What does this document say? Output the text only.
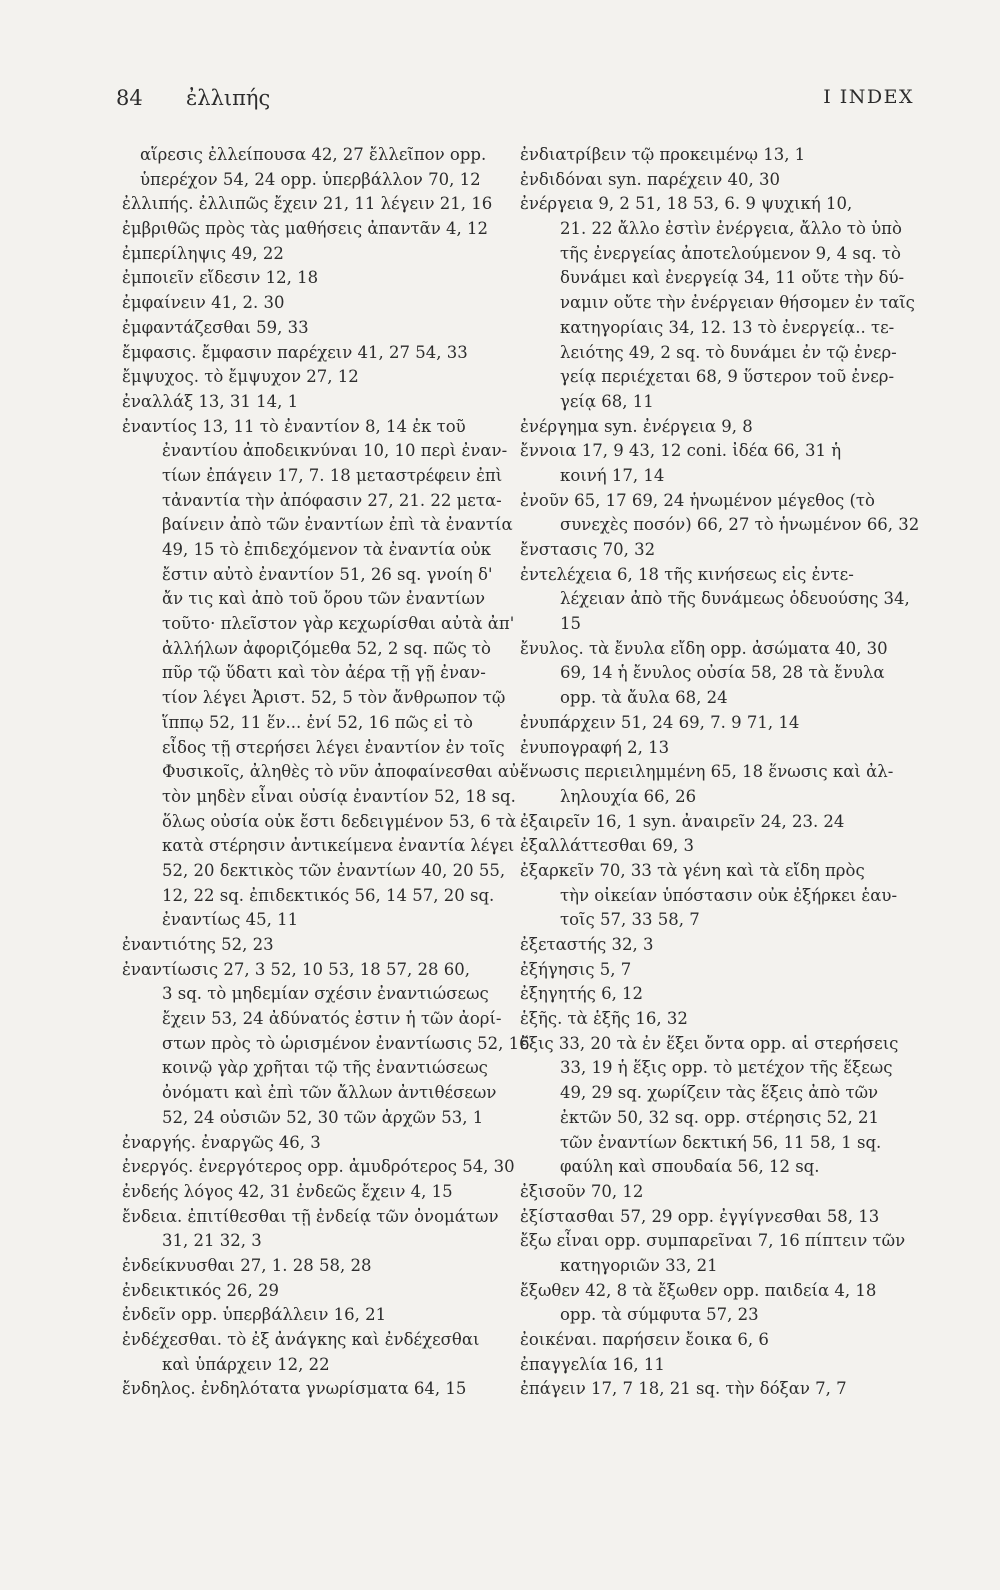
84 ἐλλιπής	I INDEX
αἵρεσις ἐλλείπουσα 42, 27 ἔλλεῖπον opp.
ὑπερέχον 54, 24 opp. ὑπερβάλλον 70, 12
ἐλλιπής. ἐλλιπῶς ἔχειν 21, 11 λέγειν 21, 16
ἐμβριθῶς πρὸς τὰς μαθήσεις ἀπαντᾶν 4, 12
ἐμπερίληψις 49, 22
ἐμποιεῖν εἴδεσιν 12, 18
ἐμφαίνειν 41, 2. 30
ἐμφαντάζεσθαι 59, 33
ἔμφασις. ἔμφασιν παρέχειν 41, 27 54, 33
ἔμψυχος. τὸ ἔμψυχον 27, 12
ἐναλλάξ 13, 31 14, 1
ἐναντίος 13, 11 τὸ ἐναντίον 8, 14 ἐκ τοῦ
ἐναντίου ἀποδεικνύναι 10, 10 περὶ ἐναν-
τίων ἐπάγειν 17, 7. 18 μεταστρέφειν ἐπὶ
τἀναντία τὴν ἀπόφασιν 27, 21. 22 μετα-
βαίνειν ἀπὸ τῶν ἐναντίων ἐπὶ τὰ ἐναντία
49, 15 τὸ ἐπιδεχόμενον τὰ ἐναντία οὐκ
ἔστιν αὐτὸ ἐναντίον 51, 26 sq. γνοίη δ'
ἄν τις καὶ ἀπὸ τοῦ ὅρου τῶν ἐναντίων
τοῦτο· πλεῖστον γὰρ κεχωρίσθαι αὐτὰ ἀπ'
ἀλλήλων ἀφοριζόμεθα 52, 2 sq. πῶς τὸ
πῦρ τῷ ὕδατι καὶ τὸν ἀέρα τῇ γῇ ἐναν-
τίον λέγει Ἀριστ. 52, 5 τὸν ἄνθρωπον τῷ
ἵππῳ 52, 11 ἕν... ἑνί 52, 16 πῶς εἰ τὸ
εἶδος τῇ στερήσει λέγει ἐναντίον ἐν τοῖς
Φυσικοῖς, ἀληθὲς τὸ νῦν ἀποφαίνεσθαι αὐ-
τὸν μηδὲν εἶναι οὐσίᾳ ἐναντίον 52, 18 sq.
ὅλως οὐσία οὐκ ἔστι δεδειγμένον 53, 6 τὰ
κατὰ στέρησιν ἀντικείμενα ἐναντία λέγει
52, 20 δεκτικὸς τῶν ἐναντίων 40, 20 55,
12, 22 sq. ἐπιδεκτικός 56, 14 57, 20 sq.
ἐναντίως 45, 11
ἐναντιότης 52, 23
ἐναντίωσις 27, 3 52, 10 53, 18 57, 28 60,
3 sq. τὸ μηδεμίαν σχέσιν ἐναντιώσεως
ἔχειν 53, 24 ἀδύνατός ἐστιν ἡ τῶν ἀορί-
στων πρὸς τὸ ὡρισμένον ἐναντίωσις 52, 16
κοινῷ γὰρ χρῆται τῷ τῆς ἐναντιώσεως
ὀνόματι καὶ ἐπὶ τῶν ἄλλων ἀντιθέσεων
52, 24 οὐσιῶν 52, 30 τῶν ἀρχῶν 53, 1
ἐναργής. ἐναργῶς 46, 3
ἐνεργός. ἐνεργότερος opp. ἀμυδρότερος 54, 30
ἐνδεής λόγος 42, 31 ἐνδεῶς ἔχειν 4, 15
ἔνδεια. ἐπιτίθεσθαι τῇ ἐνδείᾳ τῶν ὀνομάτων
31, 21 32, 3
ἐνδείκνυσθαι 27, 1. 28 58, 28
ἐνδεικτικός 26, 29
ἐνδεῖν opp. ὑπερβάλλειν 16, 21
ἐνδέχεσθαι. τὸ ἐξ ἀνάγκης καὶ ἐνδέχεσθαι
καὶ ὑπάρχειν 12, 22
ἔνδηλος. ἐνδηλότατα γνωρίσματα 64, 15
ἐνδιατρίβειν τῷ προκειμένῳ 13, 1
ἐνδιδόναι syn. παρέχειν 40, 30
ἐνέργεια 9, 2 51, 18 53, 6. 9 ψυχική 10,
21. 22 ἄλλο ἐστὶν ἐνέργεια, ἄλλο τὸ ὑπὸ
τῆς ἐνεργείας ἀποτελούμενον 9, 4 sq. τὸ
δυνάμει καὶ ἐνεργείᾳ 34, 11 οὔτε τὴν δύ-
ναμιν οὔτε τὴν ἐνέργειαν θήσομεν ἐν ταῖς
κατηγορίαις 34, 12. 13 τὸ ἐνεργείᾳ.. τε-
λειότης 49, 2 sq. τὸ δυνάμει ἐν τῷ ἐνερ-
γείᾳ περιέχεται 68, 9 ὕστερον τοῦ ἐνερ-
γείᾳ 68, 11
ἐνέργημα syn. ἐνέργεια 9, 8
ἔννοια 17, 9 43, 12 coni. ἰδέα 66, 31 ἡ
κοινή 17, 14
ἐνοῦν 65, 17 69, 24 ἡνωμένον μέγεθος (τὸ
συνεχὲς ποσόν) 66, 27 τὸ ἡνωμένον 66, 32
ἔνστασις 70, 32
ἐντελέχεια 6, 18 τῆς κινήσεως εἰς ἐντε-
λέχειαν ἀπὸ τῆς δυνάμεως ὁδευούσης 34,
15
ἔνυλος. τὰ ἔνυλα εἴδη opp. ἀσώματα 40, 30
69, 14 ἡ ἔνυλος οὐσία 58, 28 τὰ ἔνυλα
opp. τὰ ἄυλα 68, 24
ἐνυπάρχειν 51, 24 69, 7. 9 71, 14
ἐνυπογραφή 2, 13
ἕνωσις περιειλημμένη 65, 18 ἕνωσις καὶ ἀλ-
ληλουχία 66, 26
ἐξαιρεῖν 16, 1 syn. ἀναιρεῖν 24, 23. 24
ἐξαλλάττεσθαι 69, 3
ἐξαρκεῖν 70, 33 τὰ γένη καὶ τὰ εἴδη πρὸς
τὴν οἰκείαν ὑπόστασιν οὐκ ἐξήρκει ἑαυ-
τοῖς 57, 33 58, 7
ἐξεταστής 32, 3
ἐξήγησις 5, 7
ἐξηγητής 6, 12
ἑξῆς. τὰ ἑξῆς 16, 32
ἕξις 33, 20 τὰ ἐν ἕξει ὄντα opp. αἱ στερήσεις
33, 19 ἡ ἕξις opp. τὸ μετέχον τῆς ἕξεως
49, 29 sq. χωρίζειν τὰς ἕξεις ἀπὸ τῶν
ἐκτῶν 50, 32 sq. opp. στέρησις 52, 21
τῶν ἐναντίων δεκτική 56, 11 58, 1 sq.
φαύλη καὶ σπουδαία 56, 12 sq.
ἐξισοῦν 70, 12
ἐξίστασθαι 57, 29 opp. ἐγγίγνεσθαι 58, 13
ἔξω εἶναι opp. συμπαρεῖναι 7, 16 πίπτειν τῶν
κατηγοριῶν 33, 21
ἔξωθεν 42, 8 τὰ ἔξωθεν opp. παιδεία 4, 18
opp. τὰ σύμφυτα 57, 23
ἐοικέναι. παρήσειν ἔοικα 6, 6
ἐπαγγελία 16, 11
ἐπάγειν 17, 7 18, 21 sq. τὴν δόξαν 7, 7
